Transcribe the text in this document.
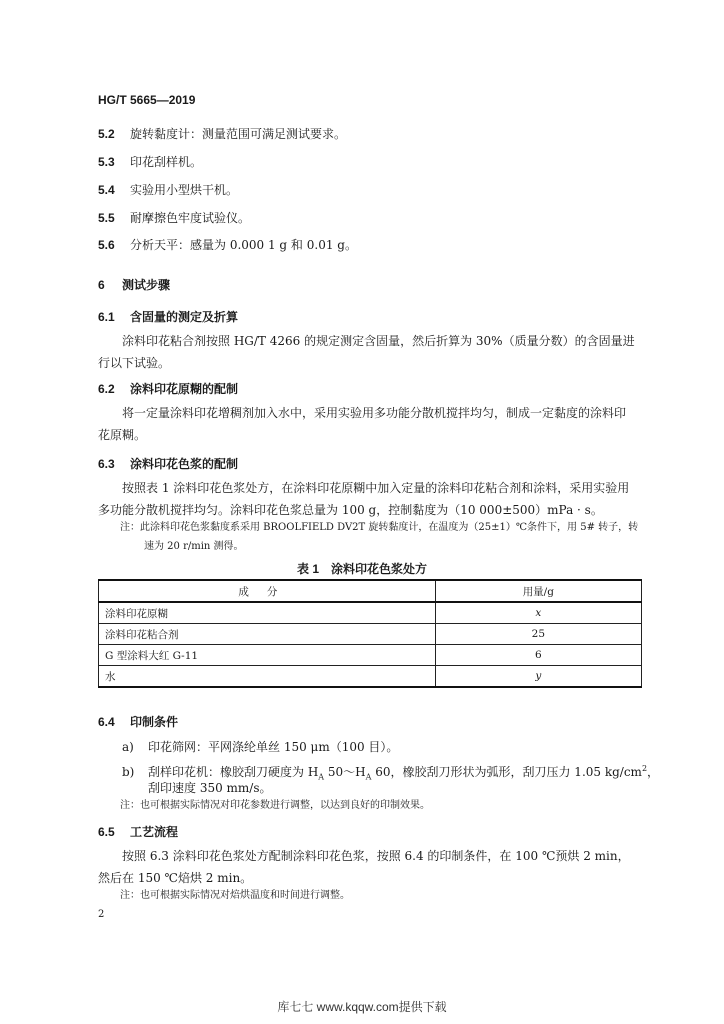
HG/T 5665—2019
5.2 旋转黏度计：测量范围可满足测试要求。
5.3 印花刮样机。
5.4 实验用小型烘干机。
5.5 耐摩擦色牢度试验仪。
5.6 分析天平：感量为 0.000 1 g 和 0.01 g。
6 测试步骤
6.1 含固量的测定及折算
涂料印花粘合剂按照 HG/T 4266 的规定测定含固量，然后折算为 30%（质量分数）的含固量进行以下试验。
6.2 涂料印花原糊的配制
将一定量涂料印花增稠剂加入水中，采用实验用多功能分散机搅拌均匀，制成一定黏度的涂料印花原糊。
6.3 涂料印花色浆的配制
按照表 1 涂料印花色浆处方，在涂料印花原糊中加入定量的涂料印花粘合剂和涂料，采用实验用多功能分散机搅拌均匀。涂料印花色浆总量为 100 g，控制黏度为（10 000±500）mPa · s。
注：此涂料印花色浆黏度系采用 BROOLFIELD DV2T 旋转黏度计，在温度为（25±1）℃条件下，用 5# 转子，转速为 20 r/min 测得。
表 1　涂料印花色浆处方
成分	用量/g
涂料印花原糊	x
涂料印花粘合剂	25
G 型涂料大红 G-11	6
水	y
6.4 印制条件
a) 印花筛网：平网涤纶单丝 150 μm（100 目）。
b) 刮样印花机：橡胶刮刀硬度为 $H_A$ $50\sim H_A$ 60，橡胶刮刀形状为弧形，刮刀压力 1.05 $kg/cm^2$，
刮印速度 350 mm/s。
注：也可根据实际情况对印花参数进行调整，以达到良好的印制效果。
6.5 工艺流程
按照 6.3 涂料印花色浆处方配制涂料印花色浆，按照 6.4 的印制条件，在 100 ℃预烘 2 min，然后在 150 ℃焙烘 2 min。
注：也可根据实际情况对焙烘温度和时间进行调整。
2
库七七 www.kqqw.com提供下载
